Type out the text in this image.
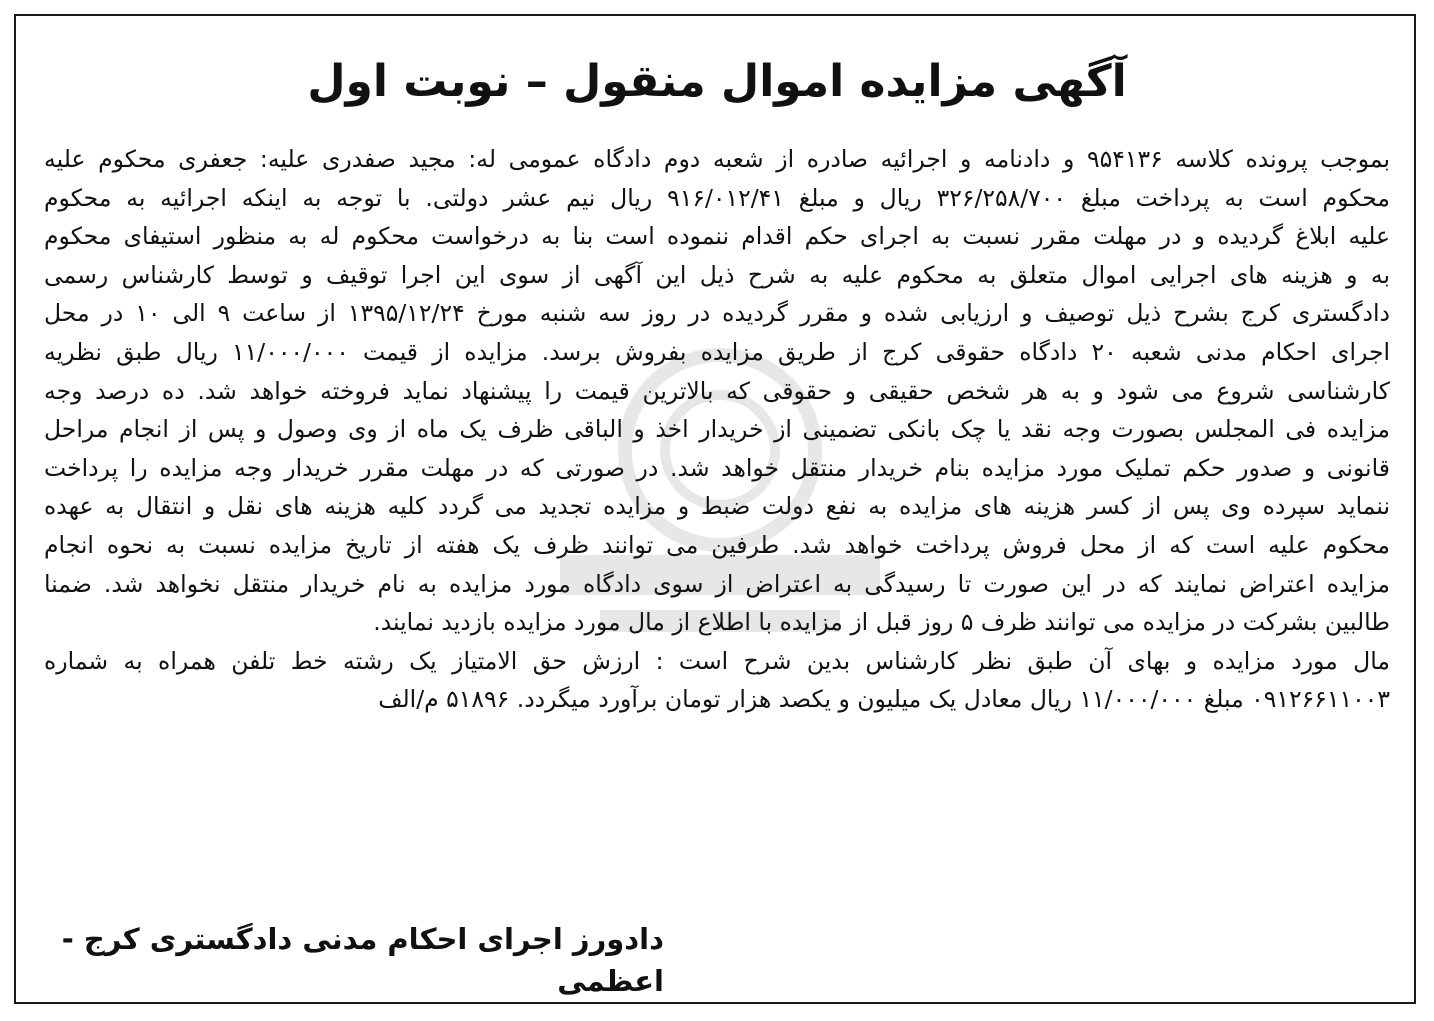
آگهی مزایده اموال منقول – نوبت اول
بموجب پرونده کلاسه ۹۵۴۱۳۶ و دادنامه و اجرائیه صادره از شعبه دوم دادگاه عمومی له: مجید صفدری علیه: جعفری محکوم علیه
محکوم است به پرداخت مبلغ ۳۲۶/۲۵۸/۷۰۰ ریال و مبلغ ۹۱۶/۰۱۲/۴۱ ریال نیم عشر دولتی. با توجه به اینکه اجرائیه به محکوم
علیه ابلاغ گردیده و در مهلت مقرر نسبت به اجرای حکم اقدام ننموده است بنا به درخواست محکوم له به منظور استیفای محکوم
به و هزینه های اجرایی اموال متعلق به محکوم علیه به شرح ذیل این آگهی از سوی این اجرا توقیف و توسط کارشناس رسمی
دادگستری کرج بشرح ذیل توصیف و ارزیابی شده و مقرر گردیده در روز سه شنبه مورخ ۱۳۹۵/۱۲/۲۴ از ساعت ۹ الی ۱۰ در محل
اجرای احکام مدنی شعبه ۲۰ دادگاه حقوقی کرج از طریق مزایده بفروش برسد. مزایده از قیمت ۱۱/۰۰۰/۰۰۰ ریال طبق نظریه
کارشناسی شروع می شود و به هر شخص حقیقی و حقوقی که بالاترین قیمت را پیشنهاد نماید فروخته خواهد شد. ده درصد وجه
مزایده فی المجلس بصورت وجه نقد یا چک بانکی تضمینی از خریدار اخذ و الباقی ظرف یک ماه از وی وصول و پس از انجام مراحل
قانونی و صدور حکم تملیک مورد مزایده بنام خریدار منتقل خواهد شد. در صورتی که در مهلت مقرر خریدار وجه مزایده را پرداخت
ننماید سپرده وی پس از کسر هزینه های مزایده به نفع دولت ضبط و مزایده تجدید می گردد کلیه هزینه های نقل و انتقال به عهده
محکوم علیه است که از محل فروش پرداخت خواهد شد. طرفین می توانند ظرف یک هفته از تاریخ مزایده نسبت به نحوه انجام
مزایده اعتراض نمایند که در این صورت تا رسیدگی به اعتراض از سوی دادگاه مورد مزایده به نام خریدار منتقل نخواهد شد. ضمنا
طالبین بشرکت در مزایده می توانند ظرف ۵ روز قبل از مزایده با اطلاع از مال مورد مزایده بازدید نمایند.
مال مورد مزایده و بهای آن طبق نظر کارشناس بدین شرح است : ارزش حق الامتیاز یک رشته خط تلفن همراه به شماره
۰۹۱۲۶۶۱۱۰۰۳ مبلغ ۱۱/۰۰۰/۰۰۰ ریال معادل یک میلیون و یکصد هزار تومان برآورد میگردد. ۵۱۸۹۶ م/الف
دادورز اجرای احکام مدنی دادگستری کرج - اعظمی
